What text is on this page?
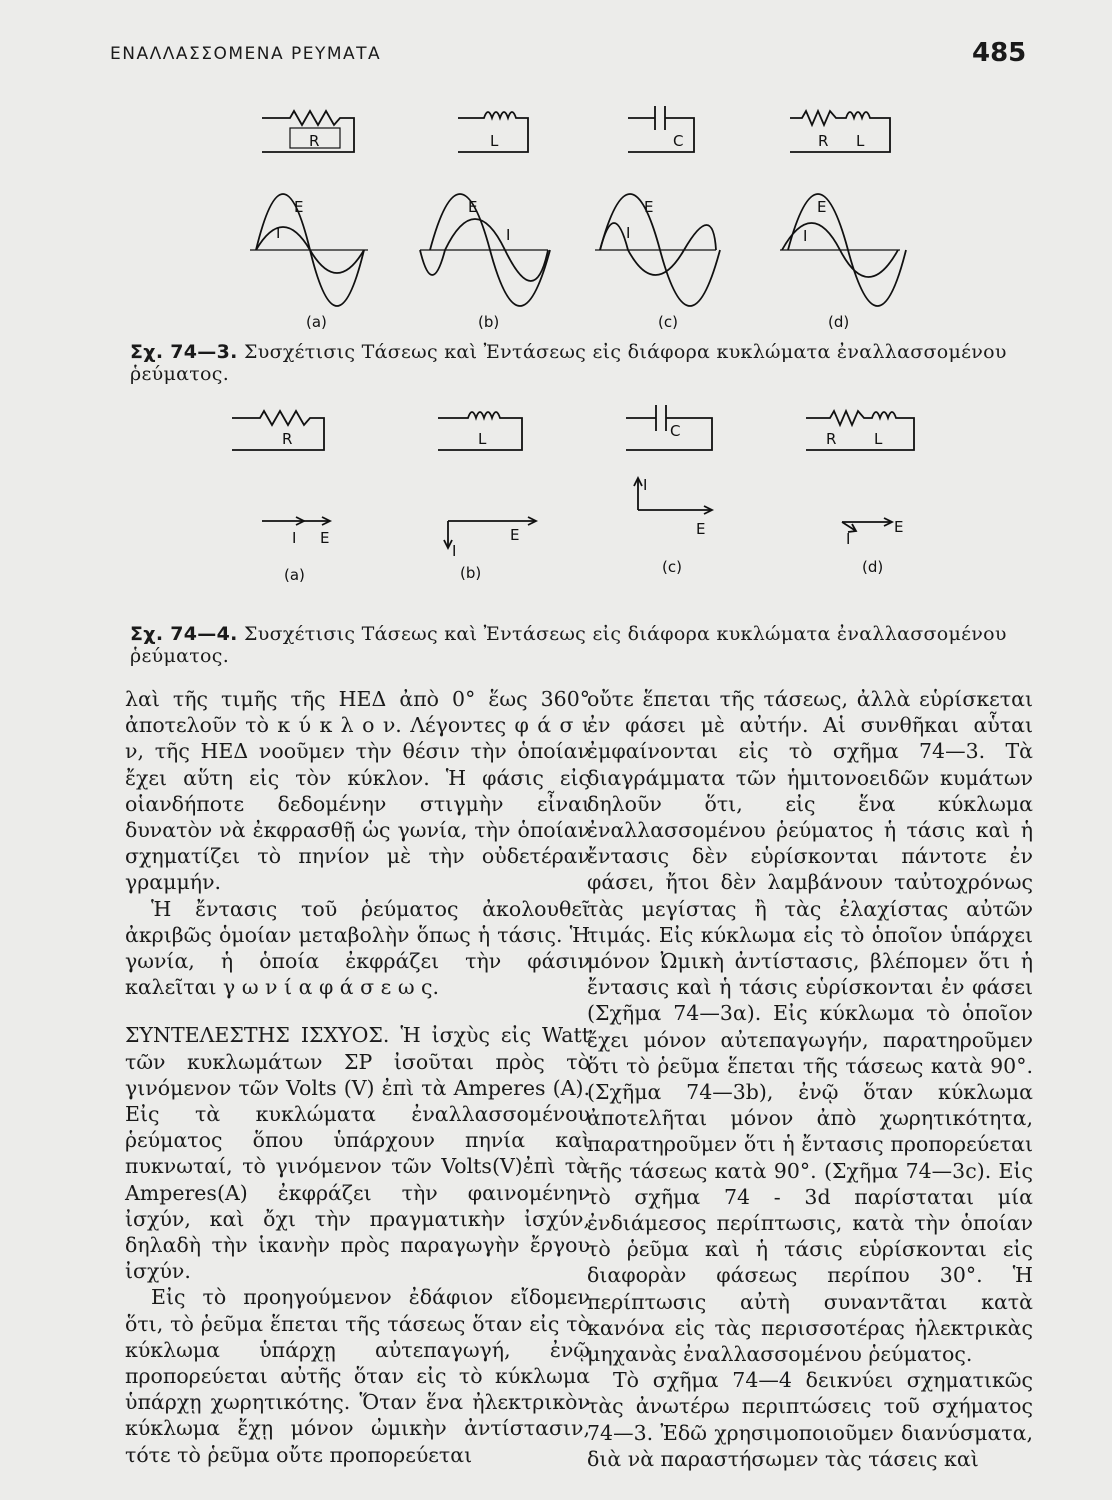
ΕΝΑΛΛΑΣΣΟΜΕΝΑ ΡΕΥΜΑΤΑ	485
R	L	C	R L
E
I
(a)
E
I
(b)
E
I
(c)
E
I
(d)
Σχ. 74—3. Συσχέτισις Τάσεως καὶ Ἐντάσεως εἰς διάφορα κυκλώματα ἐναλλασσομένου ῥεύματος.
R	L	C	R	L
I E
(a)
E
I
(b)
I
E
(c)
I
E
(d)
Σχ. 74—4. Συσχέτισις Τάσεως καὶ Ἐντάσεως εἰς διάφορα κυκλώματα ἐναλλασσομένου ῥεύματος.

λαὶ τῆς τιμῆς τῆς ΗΕΔ ἀπὸ 0° ἕως 360° ἀποτελοῦν τὸ κ ύ κ λ ο ν. Λέγοντες φ ά σ ι ν, τῆς ΗΕΔ νοοῦμεν τὴν θέσιν τὴν ὁποίαν ἔχει αὕτη εἰς τὸν κύκλον. Ἡ φάσις εἰς οἱανδήποτε δεδομένην στιγμὴν εἶναι δυνατὸν νὰ ἐκφρασθῇ ὡς γωνία, τὴν ὁποίαν σχηματίζει τὸ πηνίον μὲ τὴν οὐδετέραν γραμμήν.

Ἡ ἔντασις τοῦ ῥεύματος ἀκολουθεῖ ἀκριβῶς ὁμοίαν μεταβολὴν ὅπως ἡ τάσις. Ἡ γωνία, ἡ ὁποία ἐκφράζει τὴν φάσιν καλεῖται γ ω ν ί α φ ά σ ε ω ς.

ΣΥΝΤΕΛΕΣΤΗΣ ΙΣΧΥΟΣ. Ἡ ἰσχὺς εἰς Watt τῶν κυκλωμάτων ΣΡ ἰσοῦται πρὸς τὸ γινόμενον τῶν Volts (V) ἐπὶ τὰ Amperes (A). Εἰς τὰ κυκλώματα ἐναλλασσομένου ῥεύματος ὅπου ὑπάρχουν πηνία καὶ πυκνωταί, τὸ γινόμενον τῶν Volts(V)ἐπὶ τὰ Amperes(A) ἐκφράζει τὴν φαινομένην ἰσχύν, καὶ ὄχι τὴν πραγματικὴν ἰσχύν, δηλαδὴ τὴν ἱκανὴν πρὸς παραγωγὴν ἔργου ἰσχύν.

Εἰς τὸ προηγούμενον ἐδάφιον εἴδομεν ὅτι, τὸ ῥεῦμα ἕπεται τῆς τάσεως ὅταν εἰς τὸ κύκλωμα ὑπάρχῃ αὐτεπαγωγή, ἐνῷ προπορεύεται αὐτῆς ὅταν εἰς τὸ κύκλωμα ὑπάρχῃ χωρητικότης. Ὅταν ἕνα ἠλεκτρικὸν κύκλωμα ἔχῃ μόνον ὠμικὴν ἀντίστασιν, τότε τὸ ῥεῦμα οὔτε προπορεύεται

οὔτε ἕπεται τῆς τάσεως, ἀλλὰ εὑρίσκεται ἐν φάσει μὲ αὐτήν. Αἱ συνθῆκαι αὗται ἐμφαίνονται εἰς τὸ σχῆμα 74—3. Τὰ διαγράμματα τῶν ἡμιτονοειδῶν κυμάτων δηλοῦν ὅτι, εἰς ἕνα κύκλωμα ἐναλλασσομένου ῥεύματος ἡ τάσις καὶ ἡ ἔντασις δὲν εὑρίσκονται πάντοτε ἐν φάσει, ἤτοι δὲν λαμβάνουν ταὐτοχρόνως τὰς μεγίστας ἢ τὰς ἐλαχίστας αὐτῶν τιμάς. Εἰς κύκλωμα εἰς τὸ ὁποῖον ὑπάρχει μόνον Ὠμικὴ ἀντίστασις, βλέπομεν ὅτι ἡ ἔντασις καὶ ἡ τάσις εὑρίσκονται ἐν φάσει (Σχῆμα 74—3α). Εἰς κύκλωμα τὸ ὁποῖον ἔχει μόνον αὐτεπαγωγήν, παρατηροῦμεν ὅτι τὸ ῥεῦμα ἕπεται τῆς τάσεως κατὰ 90°. (Σχῆμα 74—3b), ἐνῷ ὅταν κύκλωμα ἀποτελῆται μόνον ἀπὸ χωρητικότητα, παρατηροῦμεν ὅτι ἡ ἔντασις προπορεύεται τῆς τάσεως κατὰ 90°. (Σχῆμα 74—3c). Εἰς τὸ σχῆμα 74 - 3d παρίσταται μία ἐνδιάμεσος περίπτωσις, κατὰ τὴν ὁποίαν τὸ ῥεῦμα καὶ ἡ τάσις εὑρίσκονται εἰς διαφορὰν φάσεως περίπου 30°. Ἡ περίπτωσις αὐτὴ συναντᾶται κατὰ κανόνα εἰς τὰς περισσοτέρας ἠλεκτρικὰς μηχανὰς ἐναλλασσομένου ῥεύματος.

Τὸ σχῆμα 74—4 δεικνύει σχηματικῶς τὰς ἀνωτέρω περιπτώσεις τοῦ σχήματος 74—3. Ἐδῶ χρησιμοποιοῦμεν διανύσματα, διὰ νὰ παραστήσωμεν τὰς τάσεις καὶ
